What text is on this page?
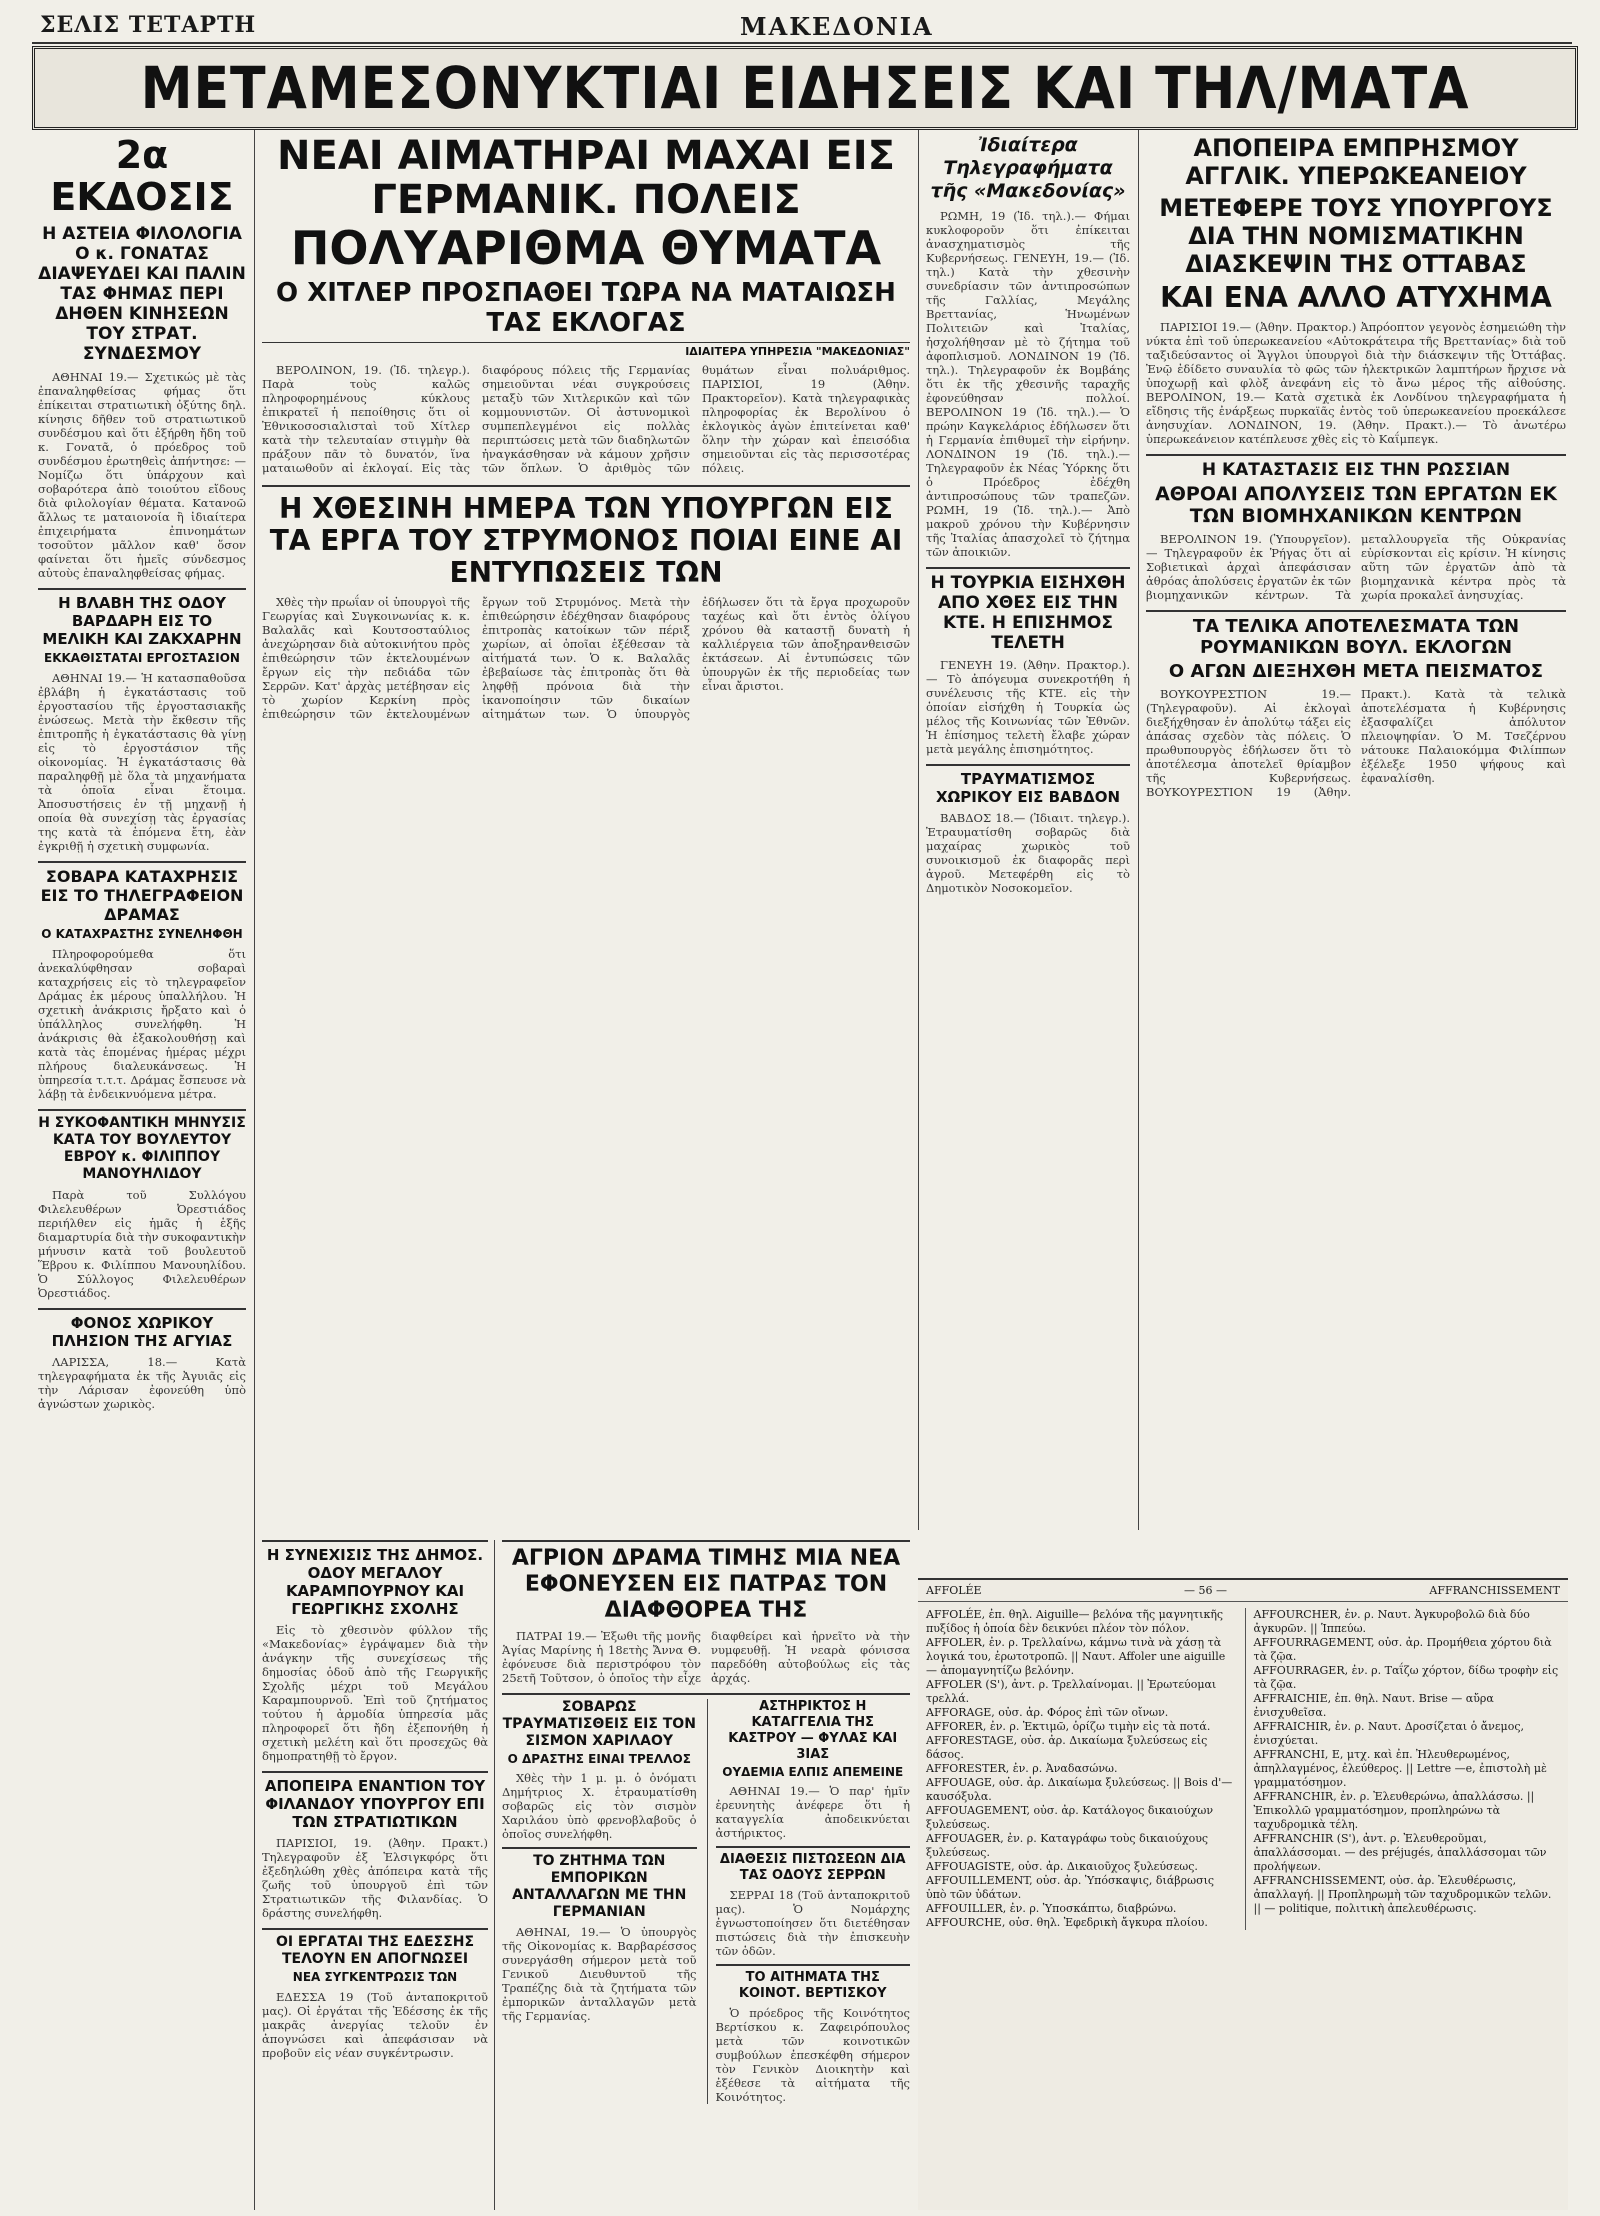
ΣΕΛΙΣ ΤΕΤΑΡΤΗ	ΜΑΚΕΔΟΝΙΑ
ΜΕΤΑΜΕΣΟΝΥΚΤΙΑΙ ΕΙΔΗΣΕΙΣ ΚΑΙ ΤΗΛ/ΜΑΤΑ
2α ΕΚΔΟΣΙΣ
Η ΑΣΤΕΙΑ ΦΙΛΟΛΟΓΙΑ Ο κ. ΓΟΝΑΤΑΣ ΔΙΑΨΕΥΔΕΙ ΚΑΙ ΠΑΛΙΝ ΤΑΣ ΦΗΜΑΣ ΠΕΡΙ ΔΗΘΕΝ ΚΙΝΗΣΕΩΝ ΤΟΥ ΣΤΡΑΤ. ΣΥΝΔΕΣΜΟΥ
ΑΘΗΝΑΙ 19.— Σχετικώς μὲ τὰς ἐπαναληφθείσας φήμας ὅτι ἐπίκειται στρατιωτικὴ ὀξύτης δηλ. κίνησις δῆθεν τοῦ στρατιωτικοῦ συνδέσμου καὶ ὅτι ἐξήρθη ἤδη τοῦ κ. Γονατᾶ, ὁ πρόεδρος τοῦ συνδέσμου ἐρωτηθεὶς ἀπήντησε: — Νομίζω ὅτι ὑπάρχουν καὶ σοβαρότερα ἀπὸ τοιούτου εἴδους διὰ φιλολογίαν θέματα. Κατανοῶ ἄλλως τε ματαιονοία ἢ ἰδιαίτερα ἐπιχειρήματα ἐπινοημάτων τοσοῦτον μᾶλλον καθ' ὅσον φαίνεται ὅτι ἡμεῖς σύνδεσμος αὐτοὺς ἐπαναληφθείσας φήμας.
Η ΒΛΑΒΗ ΤΗΣ ΟΔΟΥ ΒΑΡΔΑΡΗ ΕΙΣ ΤΟ ΜΕΛΙΚΗ ΚΑΙ ΖΑΚΧΑΡΗΝ
ΕΚΚΑΘΙΣΤΑΤΑΙ ΕΡΓΟΣΤΑΣΙΟΝ
ΑΘΗΝΑΙ 19.— Ἡ κατασπαθοῦσα ἐβλάβη ἡ ἐγκατάστασις τοῦ ἐργοστασίου τῆς ἐργοστασιακῆς ἐνώσεως. Μετὰ τὴν ἔκθεσιν τῆς ἐπιτροπῆς ἡ ἐγκατάστασις θὰ γίνῃ εἰς τὸ ἐργοστάσιον τῆς οἰκονομίας. Ἡ ἐγκατάστασις θὰ παραληφθῇ μὲ ὅλα τὰ μηχανήματα τὰ ὁποῖα εἶναι ἕτοιμα. Ἀποσυστήσεις ἐν τῇ μηχανῇ ἡ οποία θὰ συνεχίσῃ τὰς ἐργασίας της κατὰ τὰ ἑπόμενα ἔτη, ἐὰν ἐγκριθῇ ἡ σχετικὴ συμφωνία.
ΣΟΒΑΡΑ ΚΑΤΑΧΡΗΣΙΣ ΕΙΣ ΤΟ ΤΗΛΕΓΡΑΦΕΙΟΝ ΔΡΑΜΑΣ
Ο ΚΑΤΑΧΡΑΣΤΗΣ ΣΥΝΕΛΗΦΘΗ
Πληροφορούμεθα ὅτι ἀνεκαλύφθησαν σοβαραὶ καταχρήσεις εἰς τὸ τηλεγραφεῖον Δράμας ἐκ μέρους ὑπαλλήλου. Ἡ σχετικὴ ἀνάκρισις ἤρξατο καὶ ὁ ὑπάλληλος συνελήφθη. Ἡ ἀνάκρισις θὰ ἐξακολουθήσῃ καὶ κατὰ τὰς ἑπομένας ἡμέρας μέχρι πλήρους διαλευκάνσεως. Ἡ ὑπηρεσία τ.τ.τ. Δράμας ἔσπευσε νὰ λάβῃ τὰ ἐνδεικνυόμενα μέτρα.
Η ΣΥΚΟΦΑΝΤΙΚΗ ΜΗΝΥΣΙΣ ΚΑΤΑ ΤΟΥ ΒΟΥΛΕΥΤΟΥ ΕΒΡΟΥ κ. ΦΙΛΙΠΠΟΥ ΜΑΝΟΥΗΛΙΔΟΥ
Παρὰ τοῦ Συλλόγου Φιλελευθέρων Ὀρεστιάδος περιήλθεν εἰς ἡμᾶς ἡ ἑξῆς διαμαρτυρία διὰ τὴν συκοφαντικὴν μήνυσιν κατὰ τοῦ βουλευτοῦ Ἕβρου κ. Φιλίππου Μανουηλίδου. Ὁ Σύλλογος Φιλελευθέρων Ὀρεστιάδος.
ΦΟΝΟΣ ΧΩΡΙΚΟΥ ΠΛΗΣΙΟΝ ΤΗΣ ΑΓΥΙΑΣ
ΛΑΡΙΣΣΑ, 18.— Κατὰ τηλεγραφήματα ἐκ τῆς Ἀγυιᾶς εἰς τὴν Λάρισαν ἐφονεύθη ὑπὸ ἀγνώστων χωρικὸς.
ΝΕΑΙ ΑΙΜΑΤΗΡΑΙ ΜΑΧΑΙ ΕΙΣ ΓΕΡΜΑΝΙΚ. ΠΟΛΕΙΣ
ΠΟΛΥΑΡΙΘΜΑ ΘΥΜΑΤΑ
Ο ΧΙΤΛΕΡ ΠΡΟΣΠΑΘΕΙ ΤΩΡΑ ΝΑ ΜΑΤΑΙΩΣΗ ΤΑΣ ΕΚΛΟΓΑΣ
ΙΔΙΑΙΤΕΡΑ ΥΠΗΡΕΣΙΑ "ΜΑΚΕΔΟΝΙΑΣ"
ΒΕΡΟΛΙΝΟΝ, 19. (Ἰδ. τηλεγρ.). Παρὰ τοὺς καλῶς πληροφορημένους κύκλους ἐπικρατεῖ ἡ πεποίθησις ὅτι οἱ Ἐθνικοσοσιαλισταὶ τοῦ Χίτλερ κατὰ τὴν τελευταίαν στιγμὴν θὰ πράξουν πᾶν τὸ δυνατόν, ἵνα ματαιωθοῦν αἱ ἐκλογαί. Εἰς τὰς διαφόρους πόλεις τῆς Γερμανίας σημειοῦνται νέαι συγκρούσεις μεταξὺ τῶν Χιτλερικῶν καὶ τῶν κομμουνιστῶν. Οἱ ἀστυνομικοὶ συμπεπλεγμένοι εἰς πολλὰς περιπτώσεις μετὰ τῶν διαδηλωτῶν ἠναγκάσθησαν νὰ κάμουν χρῆσιν τῶν ὅπλων. Ὁ ἀριθμὸς τῶν θυμάτων εἶναι πολυάριθμος. ΠΑΡΙΣΙΟΙ, 19 (Ἀθην. Πρακτορεῖον). Κατὰ τηλεγραφικὰς πληροφορίας ἐκ Βερολίνου ὁ ἐκλογικὸς ἀγὼν ἐπιτείνεται καθ' ὅλην τὴν χώραν καὶ ἐπεισόδια σημειοῦνται εἰς τὰς περισσοτέρας πόλεις.
Η ΧΘΕΣΙΝΗ ΗΜΕΡΑ ΤΩΝ ΥΠΟΥΡΓΩΝ ΕΙΣ ΤΑ ΕΡΓΑ ΤΟΥ ΣΤΡΥΜΟΝΟΣ ΠΟΙΑΙ ΕΙΝΕ ΑΙ ΕΝΤΥΠΩΣΕΙΣ ΤΩΝ
Χθὲς τὴν πρωΐαν οἱ ὑπουργοὶ τῆς Γεωργίας καὶ Συγκοινωνίας κ. κ. Βαλαλᾶς καὶ Κουτσοσταύλιος ἀνεχώρησαν διὰ αὐτοκινήτου πρὸς ἐπιθεώρησιν τῶν ἐκτελουμένων ἔργων εἰς τὴν πεδιάδα τῶν Σερρῶν. Κατ' ἀρχὰς μετέβησαν εἰς τὸ χωρίον Κερκίνη πρὸς ἐπιθεώρησιν τῶν ἐκτελουμένων ἔργων τοῦ Στρυμόνος. Μετὰ τὴν ἐπιθεώρησιν ἐδέχθησαν διαφόρους ἐπιτροπὰς κατοίκων τῶν πέριξ χωρίων, αἱ ὁποῖαι ἐξέθεσαν τὰ αἰτήματά των. Ὁ κ. Βαλαλᾶς ἐβεβαίωσε τὰς ἐπιτροπὰς ὅτι θὰ ληφθῇ πρόνοια διὰ τὴν ἱκανοποίησιν τῶν δικαίων αἰτημάτων των. Ὁ ὑπουργὸς ἐδήλωσεν ὅτι τὰ ἔργα προχωροῦν ταχέως καὶ ὅτι ἐντὸς ὀλίγου χρόνου θὰ καταστῇ δυνατὴ ἡ καλλιέργεια τῶν ἀποξηρανθεισῶν ἐκτάσεων. Αἱ ἐντυπώσεις τῶν ὑπουργῶν ἐκ τῆς περιοδείας των εἶναι ἄριστοι.
Η ΣΥΝΕΧΙΣΙΣ ΤΗΣ ΔΗΜΟΣ. ΟΔΟΥ ΜΕΓΑΛΟΥ ΚΑΡΑΜΠΟΥΡΝΟΥ ΚΑΙ ΓΕΩΡΓΙΚΗΣ ΣΧΟΛΗΣ
Εἰς τὸ χθεσινὸν φύλλον τῆς «Μακεδονίας» ἐγράψαμεν διὰ τὴν ἀνάγκην τῆς συνεχίσεως τῆς δημοσίας ὁδοῦ ἀπὸ τῆς Γεωργικῆς Σχολῆς μέχρι τοῦ Μεγάλου Καραμπουρνοῦ. Ἐπὶ τοῦ ζητήματος τούτου ἡ ἀρμοδία ὑπηρεσία μᾶς πληροφορεῖ ὅτι ἤδη ἐξεπονήθη ἡ σχετικὴ μελέτη καὶ ὅτι προσεχῶς θὰ δημοπρατηθῇ τὸ ἔργον.
ΑΠΟΠΕΙΡΑ ΕΝΑΝΤΙΟΝ ΤΟΥ ΦΙΛΑΝΔΟΥ ΥΠΟΥΡΓΟΥ ΕΠΙ ΤΩΝ ΣΤΡΑΤΙΩΤΙΚΩΝ
ΠΑΡΙΣΙΟΙ, 19. (Ἀθην. Πρακτ.) Τηλεγραφοῦν ἐξ Ἑλσιγκφόρς ὅτι ἐξεδηλώθη χθὲς ἀπόπειρα κατὰ τῆς ζωῆς τοῦ ὑπουργοῦ ἐπὶ τῶν Στρατιωτικῶν τῆς Φιλανδίας. Ὁ δράστης συνελήφθη.
ΟΙ ΕΡΓΑΤΑΙ ΤΗΣ ΕΔΕΣΣΗΣ ΤΕΛΟΥΝ ΕΝ ΑΠΟΓΝΩΣΕΙ
ΝΕΑ ΣΥΓΚΕΝΤΡΩΣΙΣ ΤΩΝ
ΕΔΕΣΣΑ 19 (Τοῦ ἀνταποκριτοῦ μας). Οἱ ἐργάται τῆς Ἐδέσσης ἐκ τῆς μακρᾶς ἀνεργίας τελοῦν ἐν ἀπογνώσει καὶ ἀπεφάσισαν νὰ προβοῦν εἰς νέαν συγκέντρωσιν.
ΑΓΡΙΟΝ ΔΡΑΜΑ ΤΙΜΗΣ ΜΙΑ ΝΕΑ ΕΦΟΝΕΥΣΕΝ ΕΙΣ ΠΑΤΡΑΣ ΤΟΝ ΔΙΑΦΘΟΡΕΑ ΤΗΣ
ΠΑΤΡΑΙ 19.— Ἐξωθι τῆς μονῆς Ἁγίας Μαρίνης ἡ 18ετὴς Ἄννα Θ. ἐφόνευσε διὰ περιστρόφου τὸν 25ετῆ Τοῦτσον, ὁ ὁποῖος τὴν εἶχε διαφθείρει καὶ ἠρνεῖτο νὰ τὴν νυμφευθῇ. Ἡ νεαρὰ φόνισσα παρεδόθη αὐτοβούλως εἰς τὰς ἀρχάς.
ΣΟΒΑΡΩΣ ΤΡΑΥΜΑΤΙΣΘΕΙΣ ΕΙΣ ΤΟΝ ΣΙΣΜΟΝ ΧΑΡΙΛΑΟΥ
Ο ΔΡΑΣΤΗΣ ΕΙΝΑΙ ΤΡΕΛΛΟΣ
Χθὲς τὴν 1 μ. μ. ὁ ὀνόματι Δημήτριος Χ. ἐτραυματίσθη σοβαρῶς εἰς τὸν σισμὸν Χαριλάου ὑπὸ φρενοβλαβοῦς ὁ ὁποῖος συνελήφθη.
ΤΟ ΖΗΤΗΜΑ ΤΩΝ ΕΜΠΟΡΙΚΩΝ ΑΝΤΑΛΛΑΓΩΝ ΜΕ ΤΗΝ ΓΕΡΜΑΝΙΑΝ
ΑΘΗΝΑΙ, 19.— Ὁ ὑπουργὸς τῆς Οἰκονομίας κ. Βαρβαρέσσος συνεργάσθη σήμερον μετὰ τοῦ Γενικοῦ Διευθυντοῦ τῆς Τραπέζης διὰ τὰ ζητήματα τῶν ἐμπορικῶν ἀνταλλαγῶν μετὰ τῆς Γερμανίας.
ΑΣΤΗΡΙΚΤΟΣ Η ΚΑΤΑΓΓΕΛΙΑ ΤΗΣ ΚΑΣΤΡΟΥ — ΦΥΛΑΣ ΚΑΙ 3ΙΑΣ
ΟΥΔΕΜΙΑ ΕΛΠΙΣ ΑΠΕΜΕΙΝΕ
ΑΘΗΝΑΙ 19.— Ὁ παρ' ἡμῖν ἐρευνητὴς ἀνέφερε ὅτι ἡ καταγγελία ἀποδεικνύεται ἀστήρικτος.
ΔΙΑΘΕΣΙΣ ΠΙΣΤΩΣΕΩΝ ΔΙΑ ΤΑΣ ΟΔΟΥΣ ΣΕΡΡΩΝ
ΣΕΡΡΑΙ 18 (Τοῦ ἀνταποκριτοῦ μας). Ὁ Νομάρχης ἐγνωστοποίησεν ὅτι διετέθησαν πιστώσεις διὰ τὴν ἐπισκευὴν τῶν ὁδῶν.
ΤΟ ΑΙΤΗΜΑΤΑ ΤΗΣ ΚΟΙΝΟΤ. ΒΕΡΤΙΣΚΟΥ
Ὁ πρόεδρος τῆς Κοινότητος Βερτίσκου κ. Ζαφειρόπουλος μετὰ τῶν κοινοτικῶν συμβούλων ἐπεσκέφθη σήμερον τὸν Γενικὸν Διοικητὴν καὶ ἐξέθεσε τὰ αἰτήματα τῆς Κοινότητος.
Ἰδιαίτερα Τηλεγραφήματα τῆς «Μακεδονίας»
ΡΩΜΗ, 19 (Ἰδ. τηλ.).— Φήμαι κυκλοφοροῦν ὅτι ἐπίκειται ἀνασχηματισμὸς τῆς Κυβερνήσεως. ΓΕΝΕΥΗ, 19.— (Ἰδ. τηλ.) Κατὰ τὴν χθεσινὴν συνεδρίασιν τῶν ἀντιπροσώπων τῆς Γαλλίας, Μεγάλης Βρεττανίας, Ἡνωμένων Πολιτειῶν καὶ Ἰταλίας, ἠσχολήθησαν μὲ τὸ ζήτημα τοῦ ἀφοπλισμοῦ. ΛΟΝΔΙΝΟΝ 19 (Ἰδ. τηλ.). Τηλεγραφοῦν ἐκ Βομβάης ὅτι ἐκ τῆς χθεσινῆς ταραχῆς ἐφονεύθησαν πολλοί. ΒΕΡΟΛΙΝΟΝ 19 (Ἰδ. τηλ.).— Ὁ πρώην Καγκελάριος ἐδήλωσεν ὅτι ἡ Γερμανία ἐπιθυμεῖ τὴν εἰρήνην. ΛΟΝΔΙΝΟΝ 19 (Ἰδ. τηλ.).— Τηλεγραφοῦν ἐκ Νέας Ὑόρκης ὅτι ὁ Πρόεδρος ἐδέχθη ἀντιπροσώπους τῶν τραπεζῶν. ΡΩΜΗ, 19 (Ἰδ. τηλ.).— Ἀπὸ μακροῦ χρόνου τὴν Κυβέρνησιν τῆς Ἰταλίας ἀπασχολεῖ τὸ ζήτημα τῶν ἀποικιῶν.
Η ΤΟΥΡΚΙΑ ΕΙΣΗΧΘΗ ΑΠΟ ΧΘΕΣ ΕΙΣ ΤΗΝ ΚΤΕ. Η ΕΠΙΣΗΜΟΣ ΤΕΛΕΤΗ
ΓΕΝΕΥΗ 19. (Ἀθην. Πρακτορ.).— Τὸ ἀπόγευμα συνεκροτήθη ἡ συνέλευσις τῆς ΚΤΕ. εἰς τὴν ὁποίαν εἰσήχθη ἡ Τουρκία ὡς μέλος τῆς Κοινωνίας τῶν Ἐθνῶν. Ἡ ἐπίσημος τελετὴ ἔλαβε χώραν μετὰ μεγάλης ἐπισημότητος.
ΤΡΑΥΜΑΤΙΣΜΟΣ ΧΩΡΙΚΟΥ ΕΙΣ ΒΑΒΔΟΝ
ΒΑΒΔΟΣ 18.— (Ἰδιαιτ. τηλεγρ.). Ἐτραυματίσθη σοβαρῶς διὰ μαχαίρας χωρικὸς τοῦ συνοικισμοῦ ἐκ διαφορᾶς περὶ ἀγροῦ. Μετεφέρθη εἰς τὸ Δημοτικὸν Νοσοκομεῖον.
ΑΠΟΠΕΙΡΑ ΕΜΠΡΗΣΜΟΥ ΑΓΓΛΙΚ. ΥΠΕΡΩΚΕΑΝΕΙΟΥ
ΜΕΤΕΦΕΡΕ ΤΟΥΣ ΥΠΟΥΡΓΟΥΣ ΔΙΑ ΤΗΝ ΝΟΜΙΣΜΑΤΙΚΗΝ ΔΙΑΣΚΕΨΙΝ ΤΗΣ ΟΤΤΑΒΑΣ
ΚΑΙ ΕΝΑ ΑΛΛΟ ΑΤΥΧΗΜΑ
ΠΑΡΙΣΙΟΙ 19.— (Ἀθην. Πρακτορ.) Ἀπρόοπτον γεγονὸς ἐσημειώθη τὴν νύκτα ἐπὶ τοῦ ὑπερωκεανείου «Αὐτοκράτειρα τῆς Βρεττανίας» διὰ τοῦ ταξιδεύσαντος οἱ Ἄγγλοι ὑπουργοὶ διὰ τὴν διάσκεψιν τῆς Ὀττάβας. Ἐνῷ ἐδίδετο συναυλία τὸ φῶς τῶν ἠλεκτρικῶν λαμπτήρων ἤρχισε νὰ ὑποχωρῇ καὶ φλὸξ ἀνεφάνη εἰς τὸ ἄνω μέρος τῆς αἰθούσης. ΒΕΡΟΛΙΝΟΝ, 19.— Κατὰ σχετικὰ ἐκ Λονδίνου τηλεγραφήματα ἡ εἴδησις τῆς ἐνάρξεως πυρκαϊᾶς ἐντὸς τοῦ ὑπερωκεανείου προεκάλεσε ἀνησυχίαν. ΛΟΝΔΙΝΟΝ, 19. (Ἀθην. Πρακτ.).— Τὸ ἀνωτέρω ὑπερωκεάνειον κατέπλευσε χθὲς εἰς τὸ Καΐμπεγκ.
Η ΚΑΤΑΣΤΑΣΙΣ ΕΙΣ ΤΗΝ ΡΩΣΣΙΑΝ
ΑΘΡΟΑΙ ΑΠΟΛΥΣΕΙΣ ΤΩΝ ΕΡΓΑΤΩΝ ΕΚ ΤΩΝ ΒΙΟΜΗΧΑΝΙΚΩΝ ΚΕΝΤΡΩΝ
ΒΕΡΟΛΙΝΟΝ 19. (Ὑπουργεῖον). — Τηλεγραφοῦν ἐκ Ῥήγας ὅτι αἱ Σοβιετικαὶ ἀρχαὶ ἀπεφάσισαν ἀθρόας ἀπολύσεις ἐργατῶν ἐκ τῶν βιομηχανικῶν κέντρων. Τὰ μεταλλουργεῖα τῆς Οὐκρανίας εὑρίσκονται εἰς κρίσιν. Ἡ κίνησις αὕτη τῶν ἐργατῶν ἀπὸ τὰ βιομηχανικὰ κέντρα πρὸς τὰ χωρία προκαλεῖ ἀνησυχίας.
ΤΑ ΤΕΛΙΚΑ ΑΠΟΤΕΛΕΣΜΑΤΑ ΤΩΝ ΡΟΥΜΑΝΙΚΩΝ ΒΟΥΛ. ΕΚΛΟΓΩΝ
Ο ΑΓΩΝ ΔΙΕΞΗΧΘΗ ΜΕΤΑ ΠΕΙΣΜΑΤΟΣ
ΒΟΥΚΟΥΡΕΣΤΙΟΝ 19.— (Τηλεγραφοῦν). Αἱ ἐκλογαὶ διεξήχθησαν ἐν ἀπολύτῳ τάξει εἰς ἁπάσας σχεδὸν τὰς πόλεις. Ὁ πρωθυπουργὸς ἐδήλωσεν ὅτι τὸ ἀποτέλεσμα ἀποτελεῖ θρίαμβον τῆς Κυβερνήσεως. ΒΟΥΚΟΥΡΕΣΤΙΟΝ 19 (Ἀθην. Πρακτ.). Κατὰ τὰ τελικὰ ἀποτελέσματα ἡ Κυβέρνησις ἐξασφαλίζει ἀπόλυτον πλειοψηφίαν. Ὁ Μ. Τσεζέρνου νάτουκε Παλαιοκόμμα Φιλίππων ἐξέλεξε 1950 ψήφους καὶ ἐφαναλίσθη.
AFFOLÉE	— 56 —	AFFRANCHISSEMENT

AFFOLÉE, ἐπ. θηλ. Aiguille— βελόνα τῆς μαγνητικῆς πυξίδος ἡ ὁποία δὲν δεικνύει πλέον τὸν πόλον.

AFFOLER, ἐν. ρ. Τρελλαίνω, κάμνω τινὰ νὰ χάσῃ τὰ λογικά του, ἐρωτοτροπῶ. || Ναυτ. Affoler une aiguille — ἀπομαγνητίζω βελόνην.

AFFOLER (S'), ἀντ. ρ. Τρελλαίνομαι. || Ἐρωτεύομαι τρελλά.

AFFORAGE, οὐσ. ἀρ. Φόρος ἐπὶ τῶν οἴνων.

AFFORER, ἐν. ρ. Ἐκτιμῶ, ὁρίζω τιμὴν εἰς τὰ ποτά.

AFFORESTAGE, οὐσ. ἀρ. Δικαίωμα ξυλεύσεως εἰς δάσος.

AFFORESTER, ἐν. ρ. Ἀναδασώνω.

AFFOUAGE, οὐσ. ἀρ. Δικαίωμα ξυλεύσεως. || Bois d'— καυσόξυλα.

AFFOUAGEMENT, οὐσ. ἀρ. Κατάλογος δικαιούχων ξυλεύσεως.

AFFOUAGER, ἐν. ρ. Καταγράφω τοὺς δικαιούχους ξυλεύσεως.

AFFOUAGISTE, οὐσ. ἀρ. Δικαιοῦχος ξυλεύσεως.

AFFOUILLEMENT, οὐσ. ἀρ. Ὑπόσκαψις, διάβρωσις ὑπὸ τῶν ὑδάτων.

AFFOUILLER, ἐν. ρ. Ὑποσκάπτω, διαβρώνω.

AFFOURCHE, οὐσ. θηλ. Ἐφεδρικὴ ἄγκυρα πλοίου.

AFFOURCHER, ἐν. ρ. Ναυτ. Ἀγκυροβολῶ διὰ δύο ἀγκυρῶν. || Ἱππεύω.

AFFOURRAGEMENT, οὐσ. ἀρ. Προμήθεια χόρτου διὰ τὰ ζῷα.

AFFOURRAGER, ἐν. ρ. Ταΐζω χόρτον, δίδω τροφὴν εἰς τὰ ζῷα.

AFFRAICHIE, ἐπ. θηλ. Ναυτ. Brise — αὔρα ἐνισχυθεῖσα.

AFFRAICHIR, ἐν. ρ. Ναυτ. Δροσίζεται ὁ ἄνεμος, ἐνισχύεται.

AFFRANCHI, Ε, μτχ. καὶ ἐπ. Ἠλευθερωμένος, ἀπηλλαγμένος, ἐλεύθερος. || Lettre —e, ἐπιστολὴ μὲ γραμματόσημον.

AFFRANCHIR, ἐν. ρ. Ἐλευθερώνω, ἀπαλλάσσω. || Ἐπικολλῶ γραμματόσημον, προπληρώνω τὰ ταχυδρομικὰ τέλη.

AFFRANCHIR (S'), ἀντ. ρ. Ἐλευθεροῦμαι, ἀπαλλάσσομαι. — des préjugés, ἀπαλλάσσομαι τῶν προλήψεων.

AFFRANCHISSEMENT, οὐσ. ἀρ. Ἐλευθέρωσις, ἀπαλλαγή. || Προπληρωμὴ τῶν ταχυδρομικῶν τελῶν. || — politique, πολιτικὴ ἀπελευθέρωσις.
